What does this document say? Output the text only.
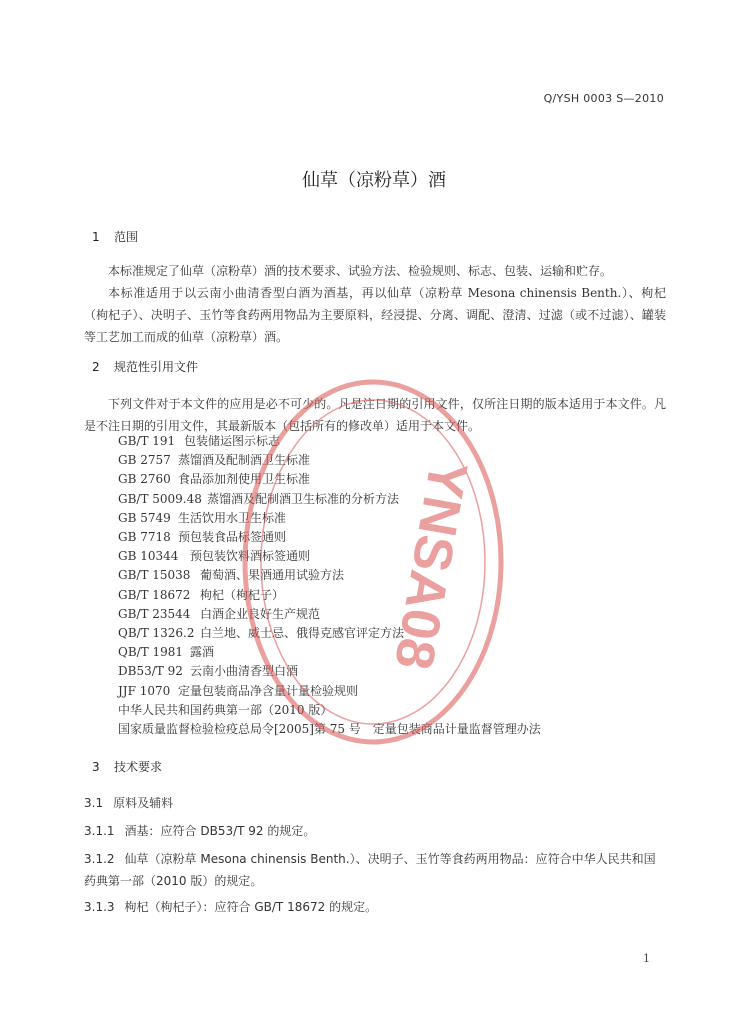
Q/YSH 0003 S—2010
仙草（凉粉草）酒
1 范围

本标准规定了仙草（凉粉草）酒的技术要求、试验方法、检验规则、标志、包装、运输和贮存。

本标准适用于以云南小曲清香型白酒为酒基，再以仙草（凉粉草 Mesona chinensis Benth.）、枸杞（枸杞子）、决明子、玉竹等食药两用物品为主要原料，经浸提、分离、调配、澄清、过滤（或不过滤）、罐装等工艺加工而成的仙草（凉粉草）酒。

2 规范性引用文件

下列文件对于本文件的应用是必不可少的。凡是注日期的引用文件，仅所注日期的版本适用于本文件。凡是不注日期的引用文件，其最新版本（包括所有的修改单）适用于本文件。

GB/T 191 包装储运图示标志
GB 2757 蒸馏酒及配制酒卫生标准
GB 2760 食品添加剂使用卫生标准
GB/T 5009.48 蒸馏酒及配制酒卫生标准的分析方法
GB 5749 生活饮用水卫生标准
GB 7718 预包装食品标签通则
GB 10344 预包装饮料酒标签通则
GB/T 15038 葡萄酒、果酒通用试验方法
GB/T 18672 枸杞（枸杞子）
GB/T 23544 白酒企业良好生产规范
QB/T 1326.2 白兰地、威士忌、俄得克感官评定方法
QB/T 1981 露酒
DB53/T 92 云南小曲清香型白酒
JJF 1070 定量包装商品净含量计量检验规则
中华人民共和国药典第一部（2010 版）
国家质量监督检验检疫总局令[2005]第 75 号　定量包装商品计量监督管理办法
3 技术要求
3.1 原料及辅料
3.1.1 酒基：应符合 DB53/T 92 的规定。
3.1.2 仙草（凉粉草 Mesona chinensis Benth.）、决明子、玉竹等食药两用物品：应符合中华人民共和国药典第一部（2010 版）的规定。
3.1.3 枸杞（枸杞子）：应符合 GB/T 18672 的规定。
1
YNSA08
